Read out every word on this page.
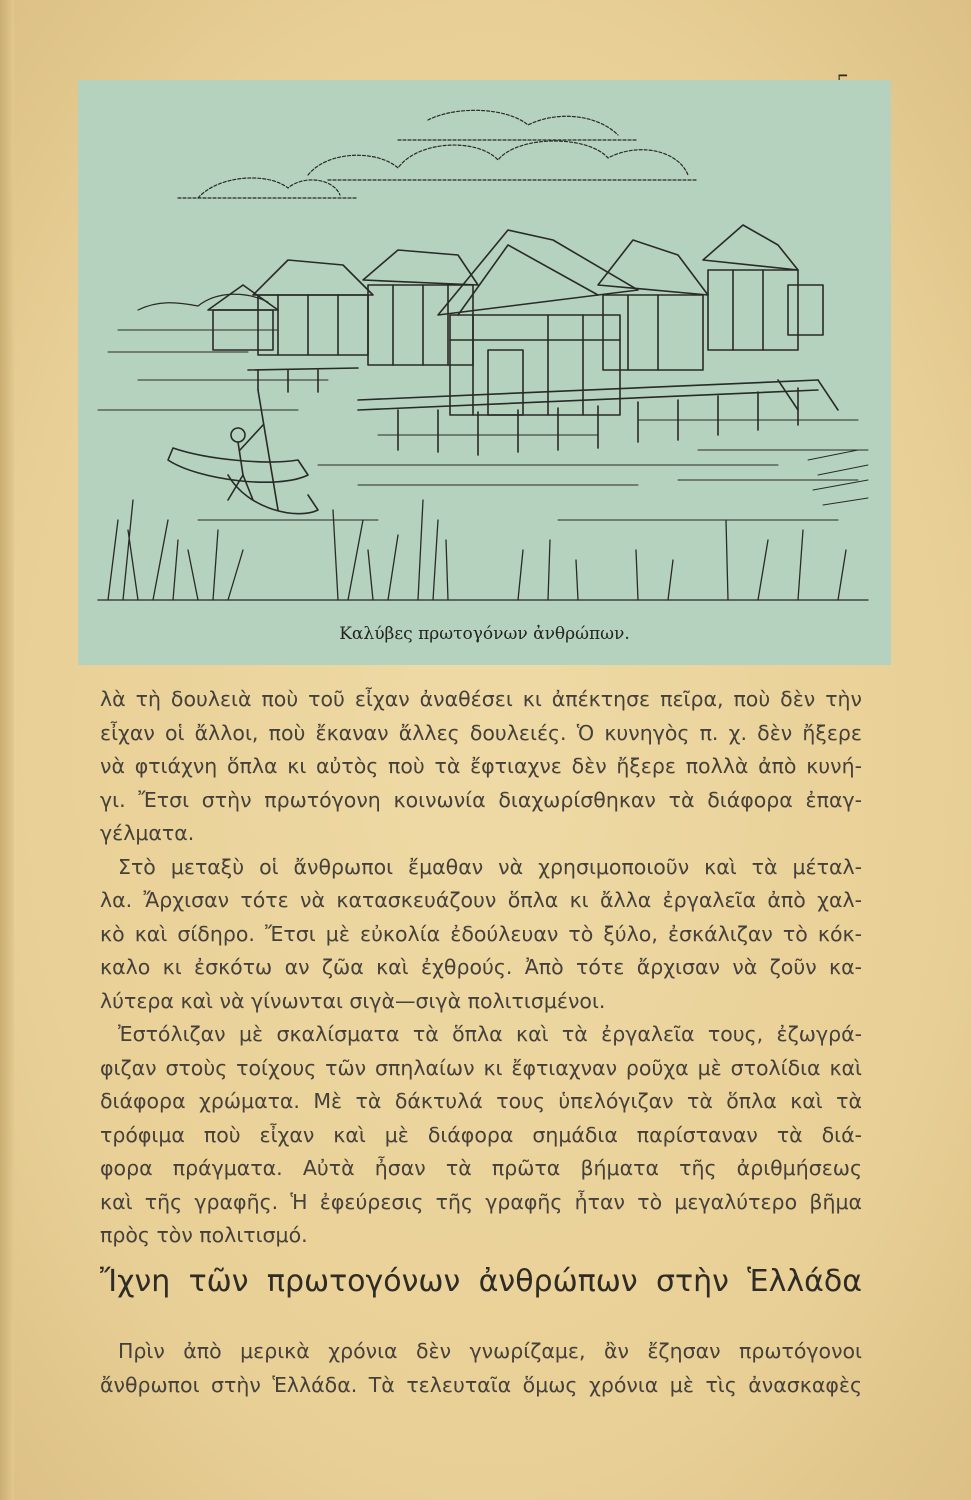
Καλύβες πρωτογόνων ἀνθρώπων.
λὰ τὴ δουλειὰ ποὺ τοῦ εἶχαν ἀναθέσει κι ἀπέκτησε πεῖρα, ποὺ δὲν τὴν
εἶχαν οἱ ἄλλοι, ποὺ ἔκαναν ἄλλες δουλειές. Ὁ κυνηγὸς π. χ. δὲν ἤξερε
νὰ φτιάχνη ὅπλα κι αὐτὸς ποὺ τὰ ἔφτιαχνε δὲν ἤξερε πολλὰ ἀπὸ κυνή-
γι. Ἔτσι στὴν πρωτόγονη κοινωνία διαχωρίσθηκαν τὰ διάφορα ἐπαγ-
γέλματα.
Στὸ μεταξὺ οἱ ἄνθρωποι ἔμαθαν νὰ χρησιμοποιοῦν καὶ τὰ μέταλ-
λα. Ἄρχισαν τότε νὰ κατασκευάζουν ὅπλα κι ἄλλα ἐργαλεῖα ἀπὸ χαλ-
κὸ καὶ σίδηρο. Ἔτσι μὲ εὐκολία ἐδούλευαν τὸ ξύλο, ἐσκάλιζαν τὸ κόκ-
καλο κι ἐσκότω αν ζῶα καὶ ἐχθρούς. Ἀπὸ τότε ἄρχισαν νὰ ζοῦν κα-
λύτερα καὶ νὰ γίνωνται σιγὰ—σιγὰ πολιτισμένοι.
Ἐστόλιζαν μὲ σκαλίσματα τὰ ὅπλα καὶ τὰ ἐργαλεῖα τους, ἐζωγρά-
φιζαν στοὺς τοίχους τῶν σπηλαίων κι ἔφτιαχναν ροῦχα μὲ στολίδια καὶ
διάφορα χρώματα. Μὲ τὰ δάκτυλά τους ὑπελόγιζαν τὰ ὅπλα καὶ τὰ
τρόφιμα ποὺ εἶχαν καὶ μὲ διάφορα σημάδια παρίσταναν τὰ διά-
φορα πράγματα. Αὐτὰ ἦσαν τὰ πρῶτα βήματα τῆς ἀριθμήσεως
καὶ τῆς γραφῆς. Ἡ ἐφεύρεσις τῆς γραφῆς ἦταν τὸ μεγαλύτερο βῆμα
πρὸς τὸν πολιτισμό.
Ἴχνη τῶν πρωτογόνων ἀνθρώπων στὴν Ἑλλάδα
Πρὶν ἀπὸ μερικὰ χρόνια δὲν γνωρίζαμε, ἂν ἔζησαν πρωτόγονοι
ἄνθρωποι στὴν Ἑλλάδα. Τὰ τελευταῖα ὅμως χρόνια μὲ τὶς ἀνασκαφὲς
